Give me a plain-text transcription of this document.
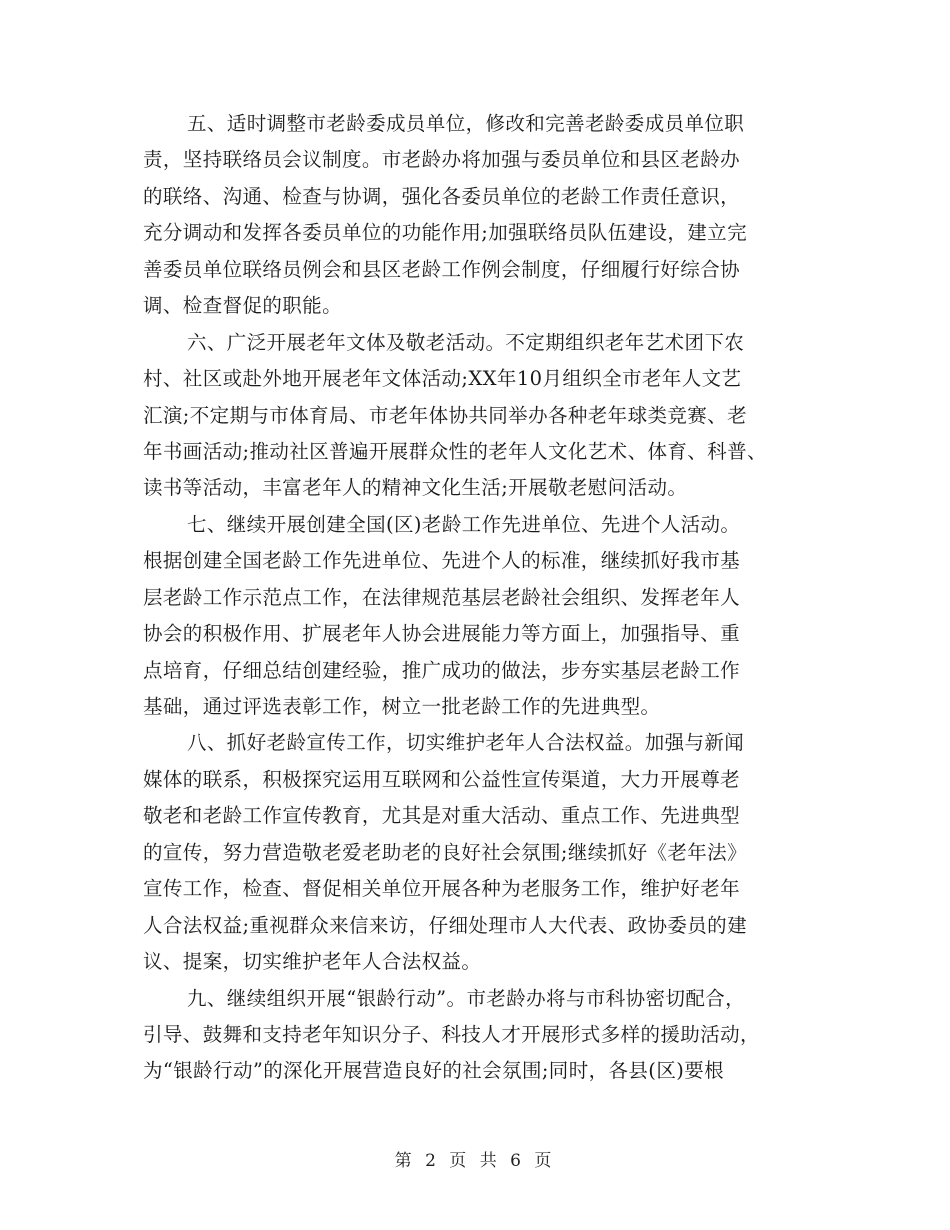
五、适时调整市老龄委成员单位，修改和完善老龄委成员单位职
责，坚持联络员会议制度。市老龄办将加强与委员单位和县区老龄办
的联络、沟通、检查与协调，强化各委员单位的老龄工作责任意识，
充分调动和发挥各委员单位的功能作用;加强联络员队伍建设，建立完
善委员单位联络员例会和县区老龄工作例会制度，仔细履行好综合协
调、检查督促的职能。
六、广泛开展老年文体及敬老活动。不定期组织老年艺术团下农
村、社区或赴外地开展老年文体活动;XX年10月组织全市老年人文艺
汇演;不定期与市体育局、市老年体协共同举办各种老年球类竞赛、老
年书画活动;推动社区普遍开展群众性的老年人文化艺术、体育、科普、
读书等活动，丰富老年人的精神文化生活;开展敬老慰问活动。
七、继续开展创建全国(区)老龄工作先进单位、先进个人活动。
根据创建全国老龄工作先进单位、先进个人的标准，继续抓好我市基
层老龄工作示范点工作，在法律规范基层老龄社会组织、发挥老年人
协会的积极作用、扩展老年人协会进展能力等方面上，加强指导、重
点培育，仔细总结创建经验，推广成功的做法，步夯实基层老龄工作
基础，通过评选表彰工作，树立一批老龄工作的先进典型。
八、抓好老龄宣传工作，切实维护老年人合法权益。加强与新闻
媒体的联系，积极探究运用互联网和公益性宣传渠道，大力开展尊老
敬老和老龄工作宣传教育，尤其是对重大活动、重点工作、先进典型
的宣传，努力营造敬老爱老助老的良好社会氛围;继续抓好《老年法》
宣传工作，检查、督促相关单位开展各种为老服务工作，维护好老年
人合法权益;重视群众来信来访，仔细处理市人大代表、政协委员的建
议、提案，切实维护老年人合法权益。
九、继续组织开展“银龄行动”。市老龄办将与市科协密切配合，
引导、鼓舞和支持老年知识分子、科技人才开展形式多样的援助活动，
为“银龄行动”的深化开展营造良好的社会氛围;同时，各县(区)要根
第 2 页 共 6 页
